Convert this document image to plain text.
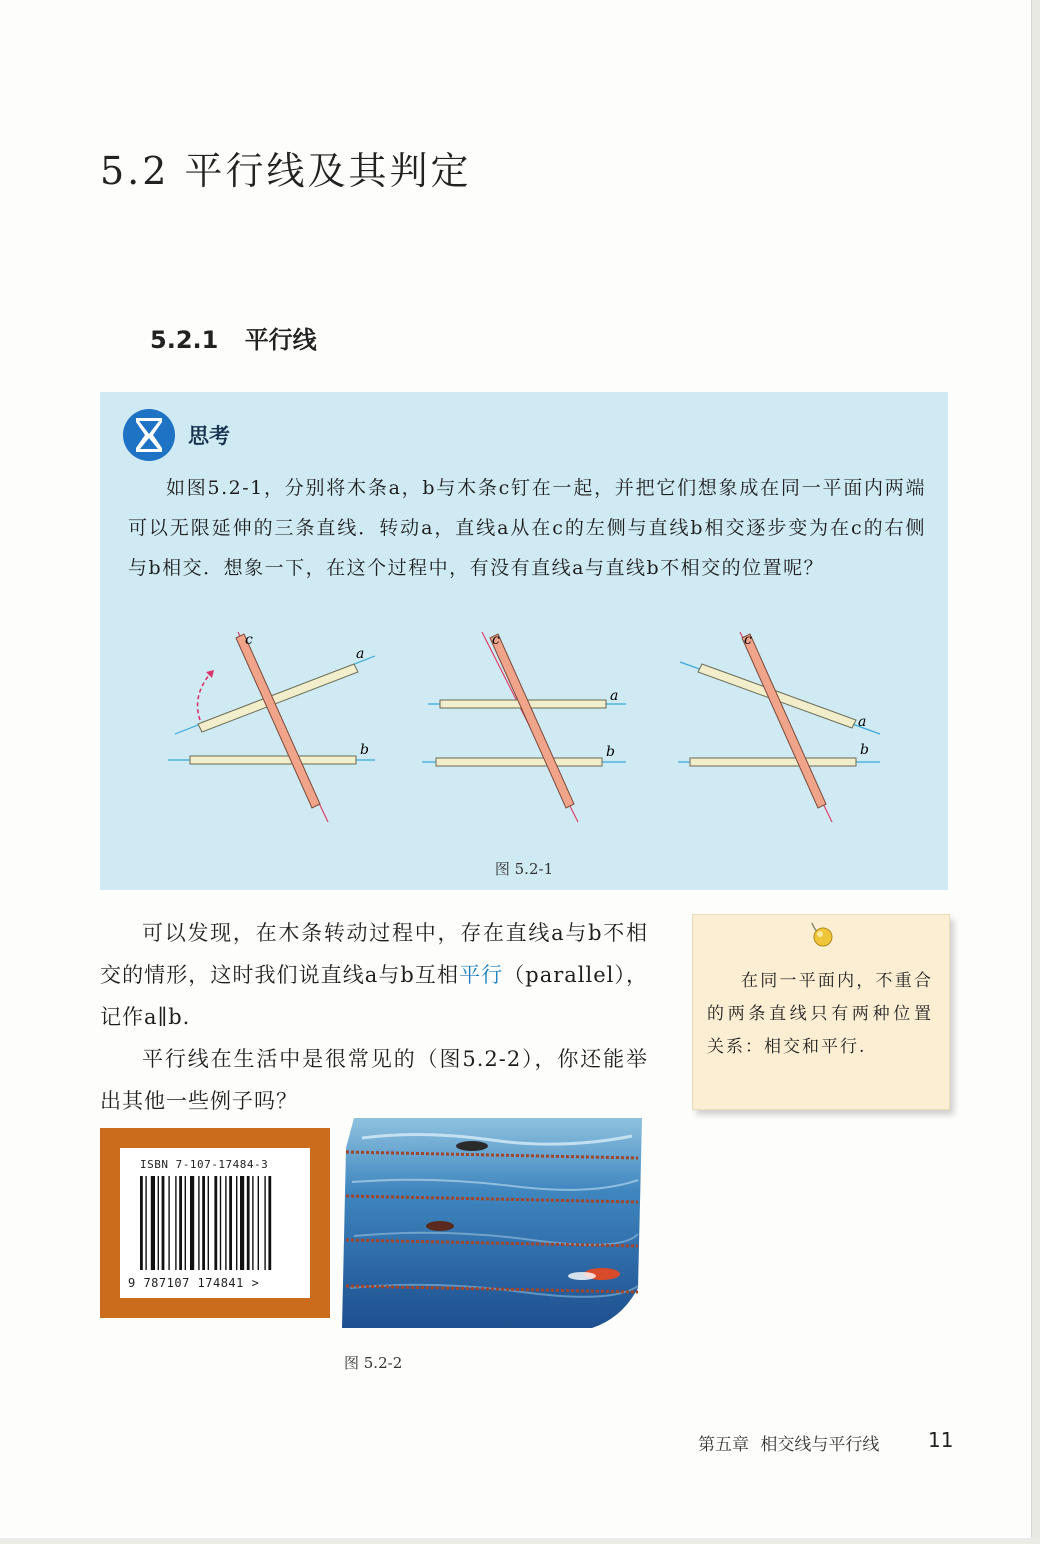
5.2 平行线及其判定
5.2.1 平行线
思考
如图5.2-1，分别将木条a，b与木条c钉在一起，并把它们想象成在同一平面内两端可以无限延伸的三条直线．转动a，直线a从在c的左侧与直线b相交逐步变为在c的右侧与b相交．想象一下，在这个过程中，有没有直线a与直线b不相交的位置呢？
c
a
b
c
a
b
c
a
b
图 5.2-1

可以发现，在木条转动过程中，存在直线a与b不相交的情形，这时我们说直线a与b互相平行（parallel），记作a∥b.

平行线在生活中是很常见的（图5.2-2），你还能举出其他一些例子吗？

在同一平面内，不重合的两条直线只有两种位置关系：相交和平行.

ISBN 7-107-17484-3
9 787107 174841 >
图 5.2-2
第五章 相交线与平行线 11
